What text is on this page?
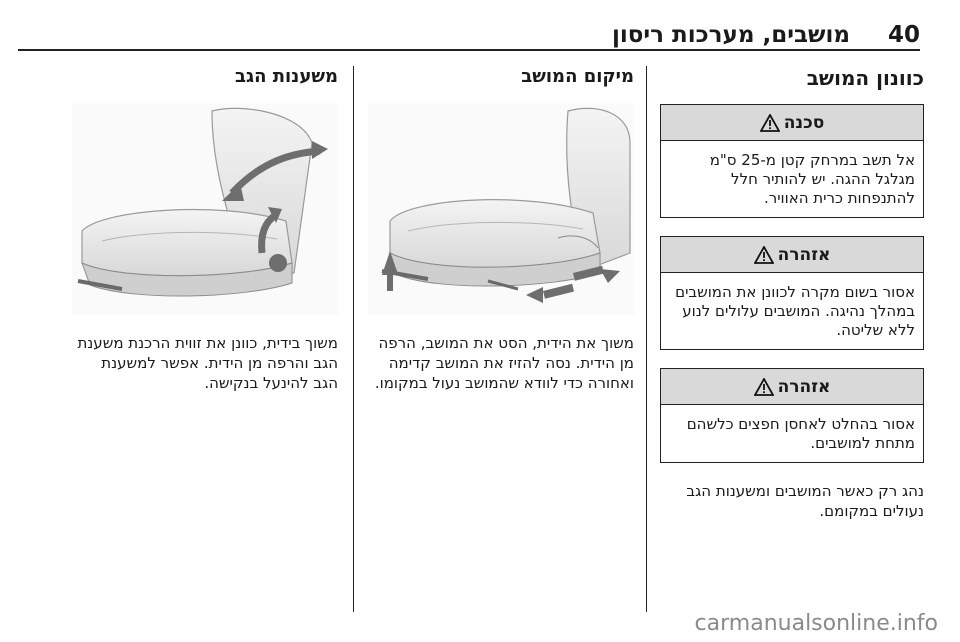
40
מושבים, מערכות ריסון
כוונון המושב
סכנה
אל תשב במרחק קטן מ-25 ס"מ מגלגל ההגה. יש להותיר חלל להתנפחות כרית האוויר.
אזהרה
אסור בשום מקרה לכוונן את המושבים במהלך נהיגה. המושבים עלולים לנוע ללא שליטה.
אזהרה
אסור בהחלט לאחסן חפצים כלשהם מתחת למושבים.
נהג רק כאשר המושבים ומשענות הגב נעולים במקומם.
מיקום המושב
משוך את הידית, הסט את המושב, הרפה מן הידית. נסה להזיז את המושב קדימה ואחורה כדי לוודא שהמושב נעול במקומו.
משענות הגב
משוך בידית, כוונן את זווית הרכנת משענת הגב והרפה מן הידית. אפשר למשענת הגב להינעל בנקישה.
carmanualsonline.info
